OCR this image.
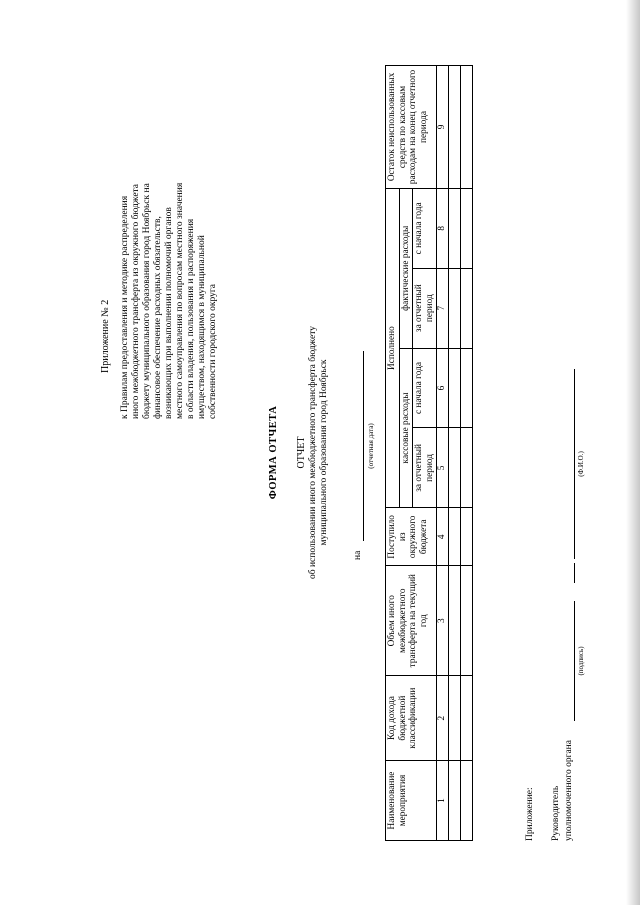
Приложение № 2 к Правилам предоставления и методике распределения иного межбюджетного трансферта из окружного бюджета бюджету муниципального образования город Ноябрьск на финансовое обеспечение расходных обязательств, возникающих при выполнении полномочий органов местного самоуправления по вопросам местного значения в области владения, пользования и распоряжения имуществом, находящимся в муниципальной собственности городского округа
ФОРМА ОТЧЕТА ОТЧЕТ об использовании иного межбюджетного трансферта бюджету муниципального образования город Ноябрьск
на
(отчетная дата)
Наименование мероприятия	Код дохода бюджетной классификации	Объем иного межбюджетного трансферта на текущий год	Поступило из окружного бюджета	Исполнено				Остаток неиспользованных средств по кассовым расходам на конец отчетного периода
				кассовые расходы		фактические расходы		
				за отчетный период	с начала года	за отчетный период	с начала года	
1	2	3	4	5	6	7	8	9

Приложение: Руководитель уполномоченного органа
(подпись)
(Ф.И.О.)
